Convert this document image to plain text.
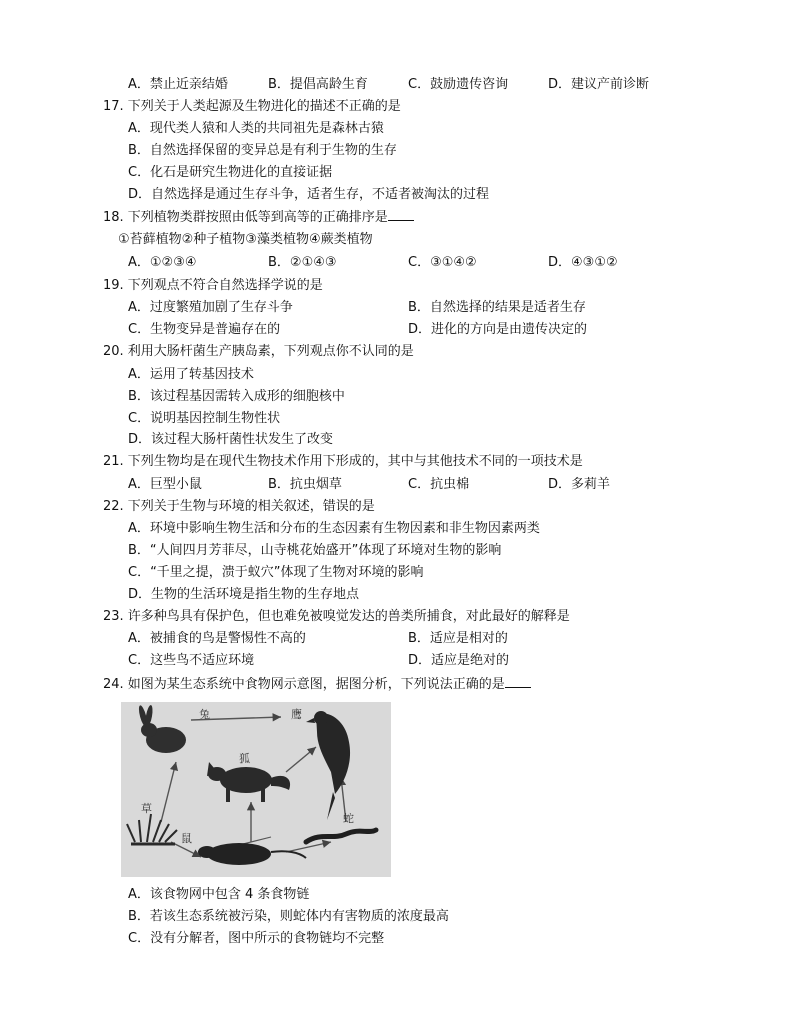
A．禁止近亲结婚	B．提倡高龄生育	C．鼓励遗传咨询	D．建议产前诊断
17. 下列关于人类起源及生物进化的描述不正确的是
A．现代类人猿和人类的共同祖先是森林古猿
B．自然选择保留的变异总是有利于生物的生存
C．化石是研究生物进化的直接证据
D．自然选择是通过生存斗争，适者生存，不适者被淘汰的过程
18. 下列植物类群按照由低等到高等的正确排序是
①苔藓植物②种子植物③藻类植物④蕨类植物
A．①②③④	B．②①④③	C．③①④②	D．④③①②
19. 下列观点不符合自然选择学说的是
A．过度繁殖加剧了生存斗争	B．自然选择的结果是适者生存
C．生物变异是普遍存在的	D．进化的方向是由遗传决定的
20. 利用大肠杆菌生产胰岛素，下列观点你不认同的是
A．运用了转基因技术
B．该过程基因需转入成形的细胞核中
C．说明基因控制生物性状
D．该过程大肠杆菌性状发生了改变
21. 下列生物均是在现代生物技术作用下形成的，其中与其他技术不同的一项技术是
A．巨型小鼠	B．抗虫烟草	C．抗虫棉	D．多莉羊
22. 下列关于生物与环境的相关叙述，错误的是
A．环境中影响生物生活和分布的生态因素有生物因素和非生物因素两类
B．“人间四月芳菲尽，山寺桃花始盛开”体现了环境对生物的影响
C．“千里之提，溃于蚁穴”体现了生物对环境的影响
D．生物的生活环境是指生物的生存地点
23. 许多种鸟具有保护色，但也难免被嗅觉发达的兽类所捕食，对此最好的解释是
A．被捕食的鸟是警惕性不高的	B．适应是相对的
C．这些鸟不适应环境	D．适应是绝对的
24. 如图为某生态系统中食物网示意图，据图分析，下列说法正确的是
兔	鹰
狐
草
鼠
蛇
A．该食物网中包含 4 条食物链
B．若该生态系统被污染，则蛇体内有害物质的浓度最高
C．没有分解者，图中所示的食物链均不完整
